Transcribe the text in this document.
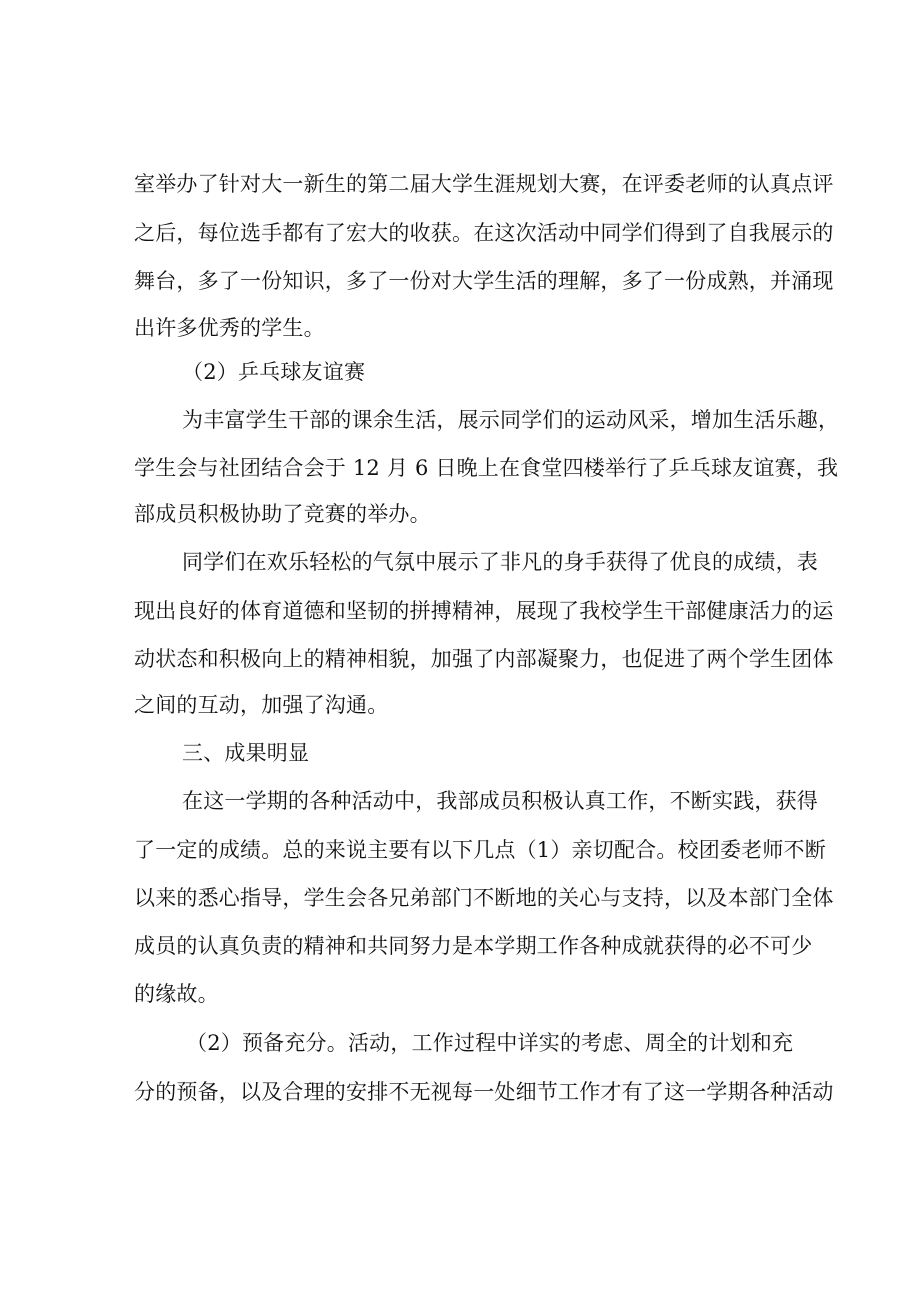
室举办了针对大一新生的第二届大学生涯规划大赛，在评委老师的认真点评
之后，每位选手都有了宏大的收获。在这次活动中同学们得到了自我展示的
舞台，多了一份知识，多了一份对大学生活的理解，多了一份成熟，并涌现
出许多优秀的学生。
（2）乒乓球友谊赛
为丰富学生干部的课余生活，展示同学们的运动风采，增加生活乐趣，
学生会与社团结合会于 12 月 6 日晚上在食堂四楼举行了乒乓球友谊赛，我
部成员积极协助了竞赛的举办。
同学们在欢乐轻松的气氛中展示了非凡的身手获得了优良的成绩，表
现出良好的体育道德和坚韧的拼搏精神，展现了我校学生干部健康活力的运
动状态和积极向上的精神相貌，加强了内部凝聚力，也促进了两个学生团体
之间的互动，加强了沟通。
三、成果明显
在这一学期的各种活动中，我部成员积极认真工作，不断实践，获得
了一定的成绩。总的来说主要有以下几点（1）亲切配合。校团委老师不断
以来的悉心指导，学生会各兄弟部门不断地的关心与支持，以及本部门全体
成员的认真负责的精神和共同努力是本学期工作各种成就获得的必不可少
的缘故。
（2）预备充分。活动，工作过程中详实的考虑、周全的计划和充
分的预备，以及合理的安排不无视每一处细节工作才有了这一学期各种活动
